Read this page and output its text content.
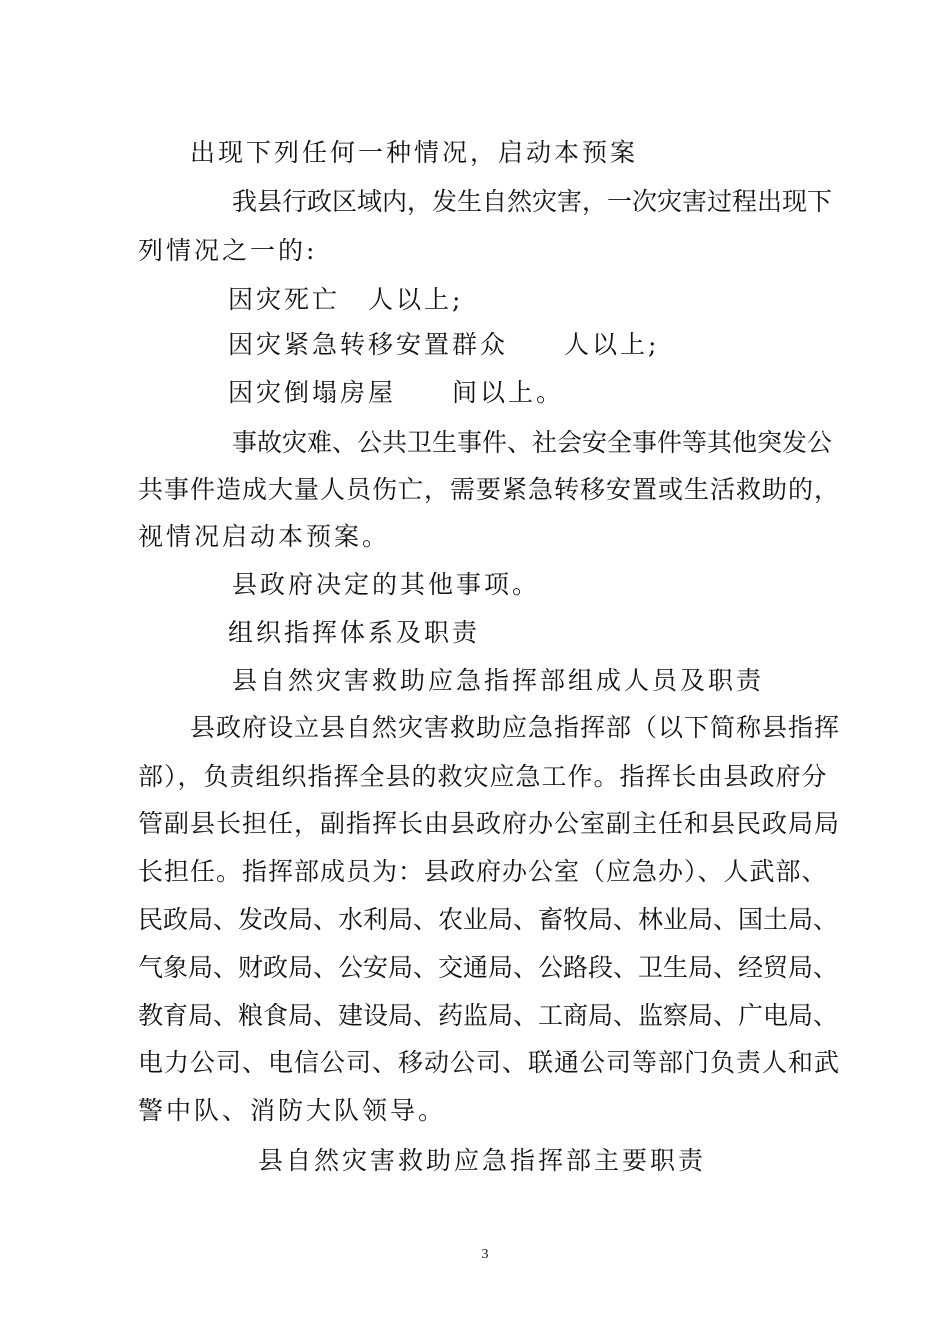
出现下列任何一种情况，启动本预案
我县行政区域内，发生自然灾害，一次灾害过程出现下
列情况之一的:
因灾死亡　人以上;
因灾紧急转移安置群众　　人以上;
因灾倒塌房屋　　间以上。
事故灾难、公共卫生事件、社会安全事件等其他突发公
共事件造成大量人员伤亡，需要紧急转移安置或生活救助的，
视情况启动本预案。
县政府决定的其他事项。
组织指挥体系及职责
县自然灾害救助应急指挥部组成人员及职责
县政府设立县自然灾害救助应急指挥部（以下简称县指挥
部），负责组织指挥全县的救灾应急工作。指挥长由县政府分
管副县长担任，副指挥长由县政府办公室副主任和县民政局局
长担任。指挥部成员为：县政府办公室（应急办）、人武部、
民政局、发改局、水利局、农业局、畜牧局、林业局、国土局、
气象局、财政局、公安局、交通局、公路段、卫生局、经贸局、
教育局、粮食局、建设局、药监局、工商局、监察局、广电局、
电力公司、电信公司、移动公司、联通公司等部门负责人和武
警中队、消防大队领导。
县自然灾害救助应急指挥部主要职责
3
